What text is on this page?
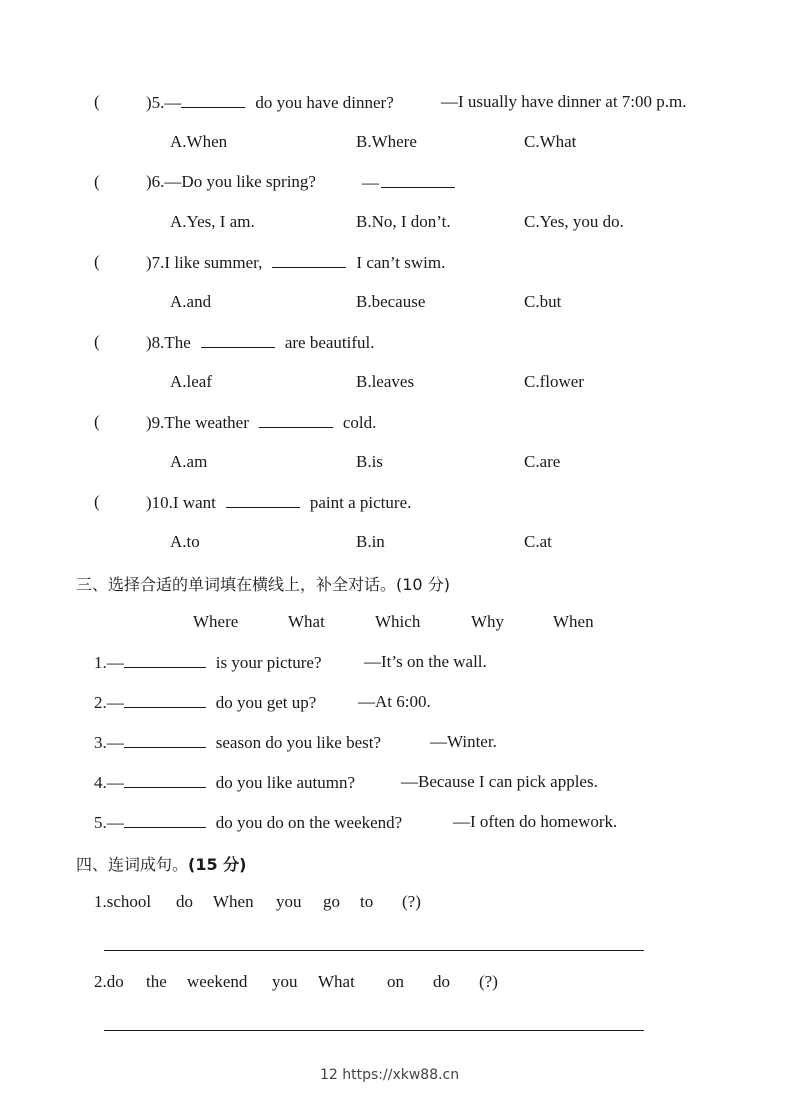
(	)5.—	do you have dinner?	—I usually have dinner at 7:00 p.m.
A.When	B.Where	C.What
(	)6.—Do you like spring?	—
A.Yes, I am.	B.No, I don’t.	C.Yes, you do.
(	)7.I like summer,	I can’t swim.
A.and	B.because	C.but
(	)8.The	are beautiful.
A.leaf	B.leaves	C.flower
(	)9.The weather	cold.
A.am	B.is	C.are
(	)10.I want	paint a picture.
A.to	B.in	C.at
三、选择合适的单词填在横线上，补全对话。(10 分)
Where	What	Which	Why	When
1.—	is your picture?	—It’s on the wall.
2.—	do you get up? —At 6:00.
3.—	season do you like best?	—Winter.
4.—	do you like autumn?	—Because I can pick apples.
5.—	do you do on the weekend?	—I often do homework.
四、连词成句。(15 分)
1.school do When you go to (?)
2.do the weekend you What on do (?)
12 https://xkw88.cn
